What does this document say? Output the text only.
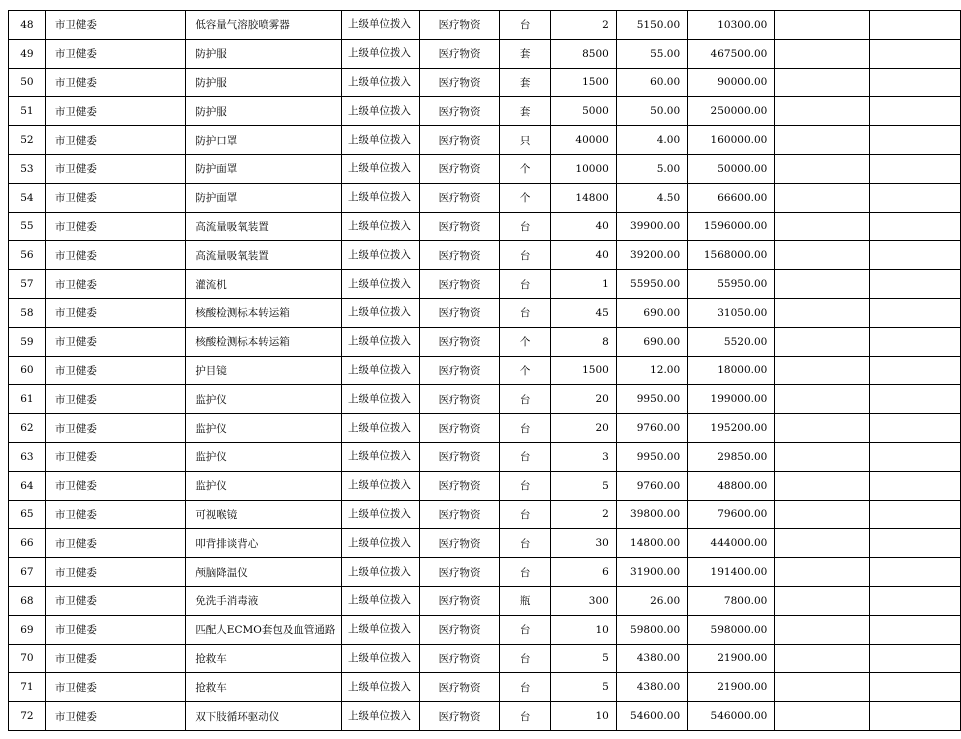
48	市卫健委	低容量气溶胶喷雾器	上级单位拨入	医疗物资	台	2	5150.00	10300.00		
49	市卫健委	防护服	上级单位拨入	医疗物资	套	8500	55.00	467500.00		
50	市卫健委	防护服	上级单位拨入	医疗物资	套	1500	60.00	90000.00		
51	市卫健委	防护服	上级单位拨入	医疗物资	套	5000	50.00	250000.00		
52	市卫健委	防护口罩	上级单位拨入	医疗物资	只	40000	4.00	160000.00		
53	市卫健委	防护面罩	上级单位拨入	医疗物资	个	10000	5.00	50000.00		
54	市卫健委	防护面罩	上级单位拨入	医疗物资	个	14800	4.50	66600.00		
55	市卫健委	高流量吸氧装置	上级单位拨入	医疗物资	台	40	39900.00	1596000.00		
56	市卫健委	高流量吸氧装置	上级单位拨入	医疗物资	台	40	39200.00	1568000.00		
57	市卫健委	灌流机	上级单位拨入	医疗物资	台	1	55950.00	55950.00		
58	市卫健委	核酸检测标本转运箱	上级单位拨入	医疗物资	台	45	690.00	31050.00		
59	市卫健委	核酸检测标本转运箱	上级单位拨入	医疗物资	个	8	690.00	5520.00		
60	市卫健委	护目镜	上级单位拨入	医疗物资	个	1500	12.00	18000.00		
61	市卫健委	监护仪	上级单位拨入	医疗物资	台	20	9950.00	199000.00		
62	市卫健委	监护仪	上级单位拨入	医疗物资	台	20	9760.00	195200.00		
63	市卫健委	监护仪	上级单位拨入	医疗物资	台	3	9950.00	29850.00		
64	市卫健委	监护仪	上级单位拨入	医疗物资	台	5	9760.00	48800.00		
65	市卫健委	可视喉镜	上级单位拨入	医疗物资	台	2	39800.00	79600.00		
66	市卫健委	叩背排谈背心	上级单位拨入	医疗物资	台	30	14800.00	444000.00		
67	市卫健委	颅脑降温仪	上级单位拨入	医疗物资	台	6	31900.00	191400.00		
68	市卫健委	免洗手消毒液	上级单位拨入	医疗物资	瓶	300	26.00	7800.00		
69	市卫健委	匹配人ECMO套包及血管通路	上级单位拨入	医疗物资	台	10	59800.00	598000.00		
70	市卫健委	抢救车	上级单位拨入	医疗物资	台	5	4380.00	21900.00		
71	市卫健委	抢救车	上级单位拨入	医疗物资	台	5	4380.00	21900.00		
72	市卫健委	双下肢循环驱动仪	上级单位拨入	医疗物资	台	10	54600.00	546000.00		
